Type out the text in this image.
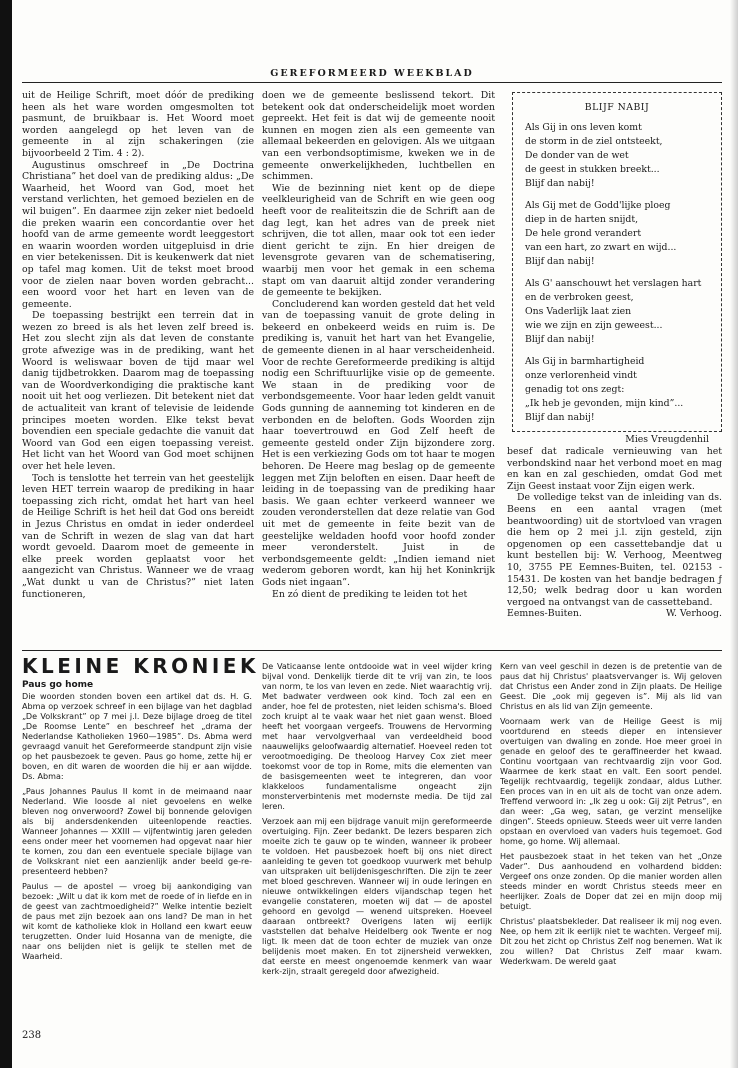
GEREFORMEERD WEEKBLAD

uit de Heilige Schrift, moet dóór de prediking heen als het ware worden omgesmolten tot pasmunt, de bruikbaar is. Het Woord moet worden aangelegd op het leven van de gemeente in al zijn schakeringen (zie bijvoorbeeld 2 Tim. 4 : 2).

Augustinus omschreef in „De Doctrina Christiana” het doel van de prediking aldus: „De Waarheid, het Woord van God, moet het verstand verlichten, het gemoed bezielen en de wil buigen”. En daarmee zijn zeker niet bedoeld die preken waarin een concordantie over het hoofd van de arme gemeente wordt leeggestort en waarin woorden worden uitgepluisd in drie en vier betekenissen. Dit is keukenwerk dat niet op tafel mag komen. Uit de tekst moet brood voor de zielen naar boven worden gebracht... een woord voor het hart en leven van de gemeente.

De toepassing bestrijkt een terrein dat in wezen zo breed is als het leven zelf breed is. Het zou slecht zijn als dat leven de constante grote afwezige was in de prediking, want het Woord is weliswaar boven de tijd maar wel danig tijdbetrokken. Daarom mag de toepassing van de Woordverkondiging die praktische kant nooit uit het oog verliezen. Dit betekent niet dat de actualiteit van krant of televisie de leidende principes moeten worden. Elke tekst bevat bovendien een speciale gedachte die vanuit dat Woord van God een eigen toepassing vereist. Het licht van het Woord van God moet schijnen over het hele leven.

Toch is tenslotte het terrein van het geestelijk leven HET terrein waarop de prediking in haar toepassing zich richt, omdat het hart van heel de Heilige Schrift is het heil dat God ons bereidt in Jezus Christus en omdat in ieder onderdeel van de Schrift in wezen de slag van dat hart wordt gevoeld. Daarom moet de gemeente in elke preek worden geplaatst voor het aangezicht van Christus. Wanneer we de vraag „Wat dunkt u van de Christus?” niet laten functioneren,

doen we de gemeente beslissend tekort. Dit betekent ook dat onderscheidelijk moet worden gepreekt. Het feit is dat wij de gemeente nooit kunnen en mogen zien als een gemeente van allemaal bekeerden en gelovigen. Als we uitgaan van een verbondsoptimisme, kweken we in de gemeente onwerkelijkheden, luchtbellen en schimmen.

Wie de bezinning niet kent op de diepe veelkleurigheid van de Schrift en wie geen oog heeft voor de realiteitszin die de Schrift aan de dag legt, kan het adres van de preek niet schrijven, die tot allen, maar ook tot een ieder dient gericht te zijn. En hier dreigen de levensgrote gevaren van de schematisering, waarbij men voor het gemak in een schema stapt om van daaruit altijd zonder verandering de gemeente te bekijken.

Concluderend kan worden gesteld dat het veld van de toepassing vanuit de grote deling in bekeerd en onbekeerd weids en ruim is. De prediking is, vanuit het hart van het Evangelie, de gemeente dienen in al haar verscheidenheid. Voor de rechte Gereformeerde prediking is altijd nodig een Schriftuurlijke visie op de gemeente. We staan in de prediking voor de verbondsgemeente. Voor haar leden geldt vanuit Gods gunning de aanneming tot kinderen en de verbonden en de beloften. Gods Woorden zijn haar toevertrouwd en God Zelf heeft de gemeente gesteld onder Zijn bijzondere zorg. Het is een verkiezing Gods om tot haar te mogen behoren. De Heere mag beslag op de gemeente leggen met Zijn beloften en eisen. Daar heeft de leiding in de toepassing van de prediking haar basis. We gaan echter verkeerd wanneer we zouden veronderstellen dat deze relatie van God uit met de gemeente in feite bezit van de geestelijke weldaden hoofd voor hoofd zonder meer veronderstelt. Juist in de verbondsgemeente geldt: „Indien iemand niet wederom geboren wordt, kan hij het Koninkrijk Gods niet ingaan”.

En zó dient de prediking te leiden tot het

BLIJF NABIJ
Als Gij in ons leven komt
de storm in de ziel ontsteekt,
De donder van de wet
de geest in stukken breekt...
Blijf dan nabij!
Als Gij met de Godd'lijke ploeg
diep in de harten snijdt,
De hele grond verandert
van een hart, zo zwart en wijd...
Blijf dan nabij!
Als G' aanschouwt het verslagen hart
en de verbroken geest,
Ons Vaderlijk laat zien
wie we zijn en zijn geweest...
Blijf dan nabij!
Als Gij in barmhartigheid
onze verlorenheid vindt
genadig tot ons zegt:
„Ik heb je gevonden, mijn kind”...
Blijf dan nabij!
Mies Vreugdenhil

besef dat radicale vernieuwing van het verbondskind naar het verbond moet en mag en kan en zal geschieden, omdat God met Zijn Geest instaat voor Zijn eigen werk.

De volledige tekst van de inleiding van ds. Beens en een aantal vragen (met beantwoording) uit de stortvloed van vragen die hem op 2 mei j.l. zijn gesteld, zijn opgenomen op een cassettebandje dat u kunt bestellen bij: W. Verhoog, Meentweg 10, 3755 PE Eemnes-Buiten, tel. 02153 - 15431. De kosten van het bandje bedragen ƒ 12,50; welk bedrag door u kan worden vergoed na ontvangst van de cassetteband.

Eemnes-Buiten.	W. Verhoog.
KLEINE KRONIEK
Paus go home

Die woorden stonden boven een artikel dat ds. H. G. Abma op verzoek schreef in een bijlage van het dagblad „De Volkskrant” op 7 mei j.l. Deze bijlage droeg de titel „De Roomse Lente” en beschreef het „drama der Nederlandse Katholieken 1960—1985”. Ds. Abma werd gevraagd vanuit het Gereformeerde standpunt zijn visie op het pausbezoek te geven. Paus go home, zette hij er boven, en dit waren de woorden die hij er aan wijdde. Ds. Abma:

„Paus Johannes Paulus II komt in de meimaand naar Nederland. Wie loosde al niet gevoelens en welke bleven nog onverwoord? Zowel bij bonnende gelovigen als bij andersdenkenden uiteenlopende reacties. Wanneer Johannes — XXIII — vijfentwintig jaren geleden eens onder meer het voornemen had opgevat naar hier te komen, zou dan een eventuele speciale bijlage van de Volkskrant niet een aanzienlijk ander beeld ge-re-presenteerd hebben?

Paulus — de apostel — vroeg bij aankondiging van bezoek: „Wilt u dat ik kom met de roede of in liefde en in de geest van zachtmoedigheid?” Welke intentie bezielt de paus met zijn bezoek aan ons land? De man in het wit komt de katholieke klok in Holland een kwart eeuw terugzetten. Onder luid Hosanna van de menigte, die naar ons belijden niet is gelijk te stellen met de Waarheid.

De Vaticaanse lente ontdooide wat in veel wijder kring bijval vond. Denkelijk tierde dit te vrij van zin, te loos van norm, te los van leven en zede. Niet waarachtig vrij. Met badwater verdween ook kind. Toch zal een en ander, hoe fel de protesten, niet leiden schisma's. Bloed zoch kruipt al te vaak waar het niet gaan wenst. Bloed heeft het voorgaan vergeefs. Trouwens de Hervorming met haar vervolgverhaal van verdeeldheid bood naauwelijks geloofwaardig alternatief. Hoeveel reden tot verootmoediging. De theoloog Harvey Cox ziet meer toekomst voor de top in Rome, mits die elementen van de basisgemeenten weet te integreren, dan voor klakkeloos fundamentalisme ongeacht zijn monsterverbintenis met modernste media. De tijd zal leren.

Verzoek aan mij een bijdrage vanuit mijn gereformeerde overtuiging. Fijn. Zeer bedankt. De lezers besparen zich moeite zich te gauw op te winden, wanneer ik probeer te voldoen. Het pausbezoek hoeft bij ons niet direct aanleiding te geven tot goedkoop vuurwerk met behulp van uitspraken uit belijdenisgeschriften. Die zijn te zeer met bloed geschreven. Wanneer wij in oude leringen en nieuwe ontwikkelingen elders vijandschap tegen het evangelie constateren, moeten wij dat — de apostel gehoord en gevolgd — wenend uitspreken. Hoeveel daaraan ontbreekt? Overigens laten wij eerlijk vaststellen dat behalve Heidelberg ook Twente er nog ligt. Ik meen dat de toon echter de muziek van onze belijdenis moet maken. En tot zijnersheid verwekken, dat eerste en meest ongenoemde kenmerk van waar kerk-zijn, straalt geregeld door afwezigheid.

Kern van veel geschil in dezen is de pretentie van de paus dat hij Christus' plaatsvervanger is. Wij geloven dat Christus een Ander zond in Zijn plaats. De Heilige Geest. Die „ook mij gegeven is”. Mij als lid van Christus en als lid van Zijn gemeente.

Voornaam werk van de Heilige Geest is mij voortdurend en steeds dieper en intensiever overtuigen van dwaling en zonde. Hoe meer groei in genade en geloof des te geraffineerder het kwaad. Continu voortgaan van rechtvaardig zijn voor God. Waarmee de kerk staat en valt. Een soort pendel. Tegelijk rechtvaardig, tegelijk zondaar, aldus Luther. Een proces van in en uit als de tocht van onze adem. Treffend verwoord in: „Ik zeg u ook: Gij zijt Petrus”, en dan weer: „Ga weg, satan, ge verzint menselijke dingen”. Steeds opnieuw. Steeds weer uit verre landen opstaan en overvloed van vaders huis tegemoet. God home, go home. Wij allemaal.

Het pausbezoek staat in het teken van het „Onze Vader”. Dus aanhoudend en volhardend bidden: Vergeef ons onze zonden. Op die manier worden allen steeds minder en wordt Christus steeds meer en heerlijker. Zoals de Doper dat zei en mijn doop mij betuigt.

Christus' plaatsbekleder. Dat realiseer ik mij nog even. Nee, op hem zit ik eerlijk niet te wachten. Vergeef mij. Dit zou het zicht op Christus Zelf nog benemen. Wat ik zou willen? Dat Christus Zelf maar kwam. Wederkwam. De wereld gaat

238
